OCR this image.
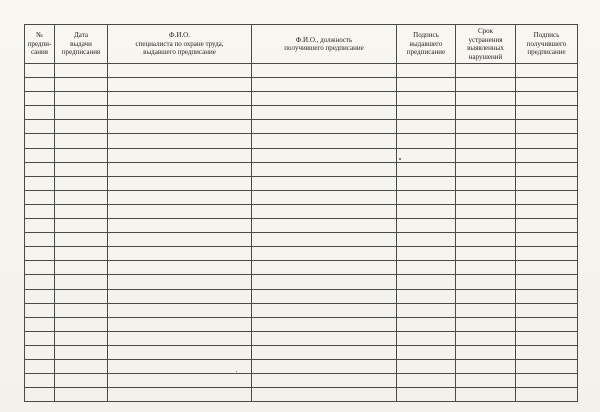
№
предпи-
сания	Дата
выдачи
предписания	Ф.И.О.
специалиста по охране труда,
выдавшего предписание	Ф.И.О., должность
получившего предписание	Подпись
выдавшего
предписание	Срок
устранения
выявленных
нарушений	Подпись
получившего
предписание
